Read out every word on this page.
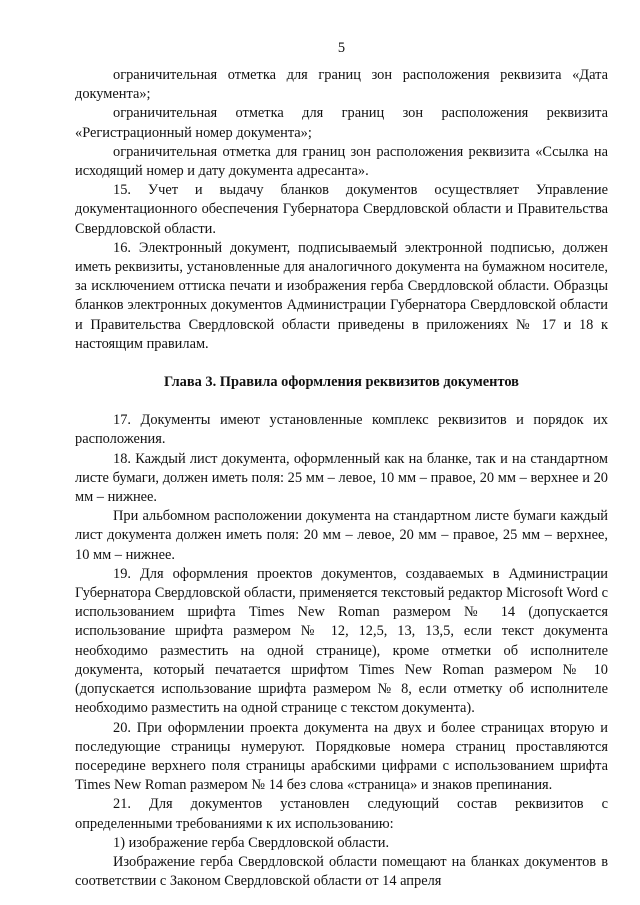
5

ограничительная отметка для границ зон расположения реквизита «Дата документа»;

ограничительная отметка для границ зон расположения реквизита «Регистрационный номер документа»;

ограничительная отметка для границ зон расположения реквизита «Ссылка на исходящий номер и дату документа адресанта».

15. Учет и выдачу бланков документов осуществляет Управление документационного обеспечения Губернатора Свердловской области и Правительства Свердловской области.

16. Электронный документ, подписываемый электронной подписью, должен иметь реквизиты, установленные для аналогичного документа на бумажном носителе, за исключением оттиска печати и изображения герба Свердловской области. Образцы бланков электронных документов Администрации Губернатора Свердловской области и Правительства Свердловской области приведены в приложениях № 17 и 18 к настоящим правилам.

Глава 3. Правила оформления реквизитов документов

17. Документы имеют установленные комплекс реквизитов и порядок их расположения.

18. Каждый лист документа, оформленный как на бланке, так и на стандартном листе бумаги, должен иметь поля: 25 мм – левое, 10 мм – правое, 20 мм – верхнее и 20 мм – нижнее.

При альбомном расположении документа на стандартном листе бумаги каждый лист документа должен иметь поля: 20 мм – левое, 20 мм – правое, 25 мм – верхнее, 10 мм – нижнее.

19. Для оформления проектов документов, создаваемых в Администрации Губернатора Свердловской области, применяется текстовый редактор Microsoft Word с использованием шрифта Times New Roman размером № 14 (допускается использование шрифта размером № 12, 12,5, 13, 13,5, если текст документа необходимо разместить на одной странице), кроме отметки об исполнителе документа, который печатается шрифтом Times New Roman размером № 10 (допускается использование шрифта размером № 8, если отметку об исполнителе необходимо разместить на одной странице с текстом документа).

20. При оформлении проекта документа на двух и более страницах вторую и последующие страницы нумеруют. Порядковые номера страниц проставляются посередине верхнего поля страницы арабскими цифрами с использованием шрифта Times New Roman размером № 14 без слова «страница» и знаков препинания.

21. Для документов установлен следующий состав реквизитов с определенными требованиями к их использованию:

1) изображение герба Свердловской области.

Изображение герба Свердловской области помещают на бланках документов в соответствии с Законом Свердловской области от 14 апреля
